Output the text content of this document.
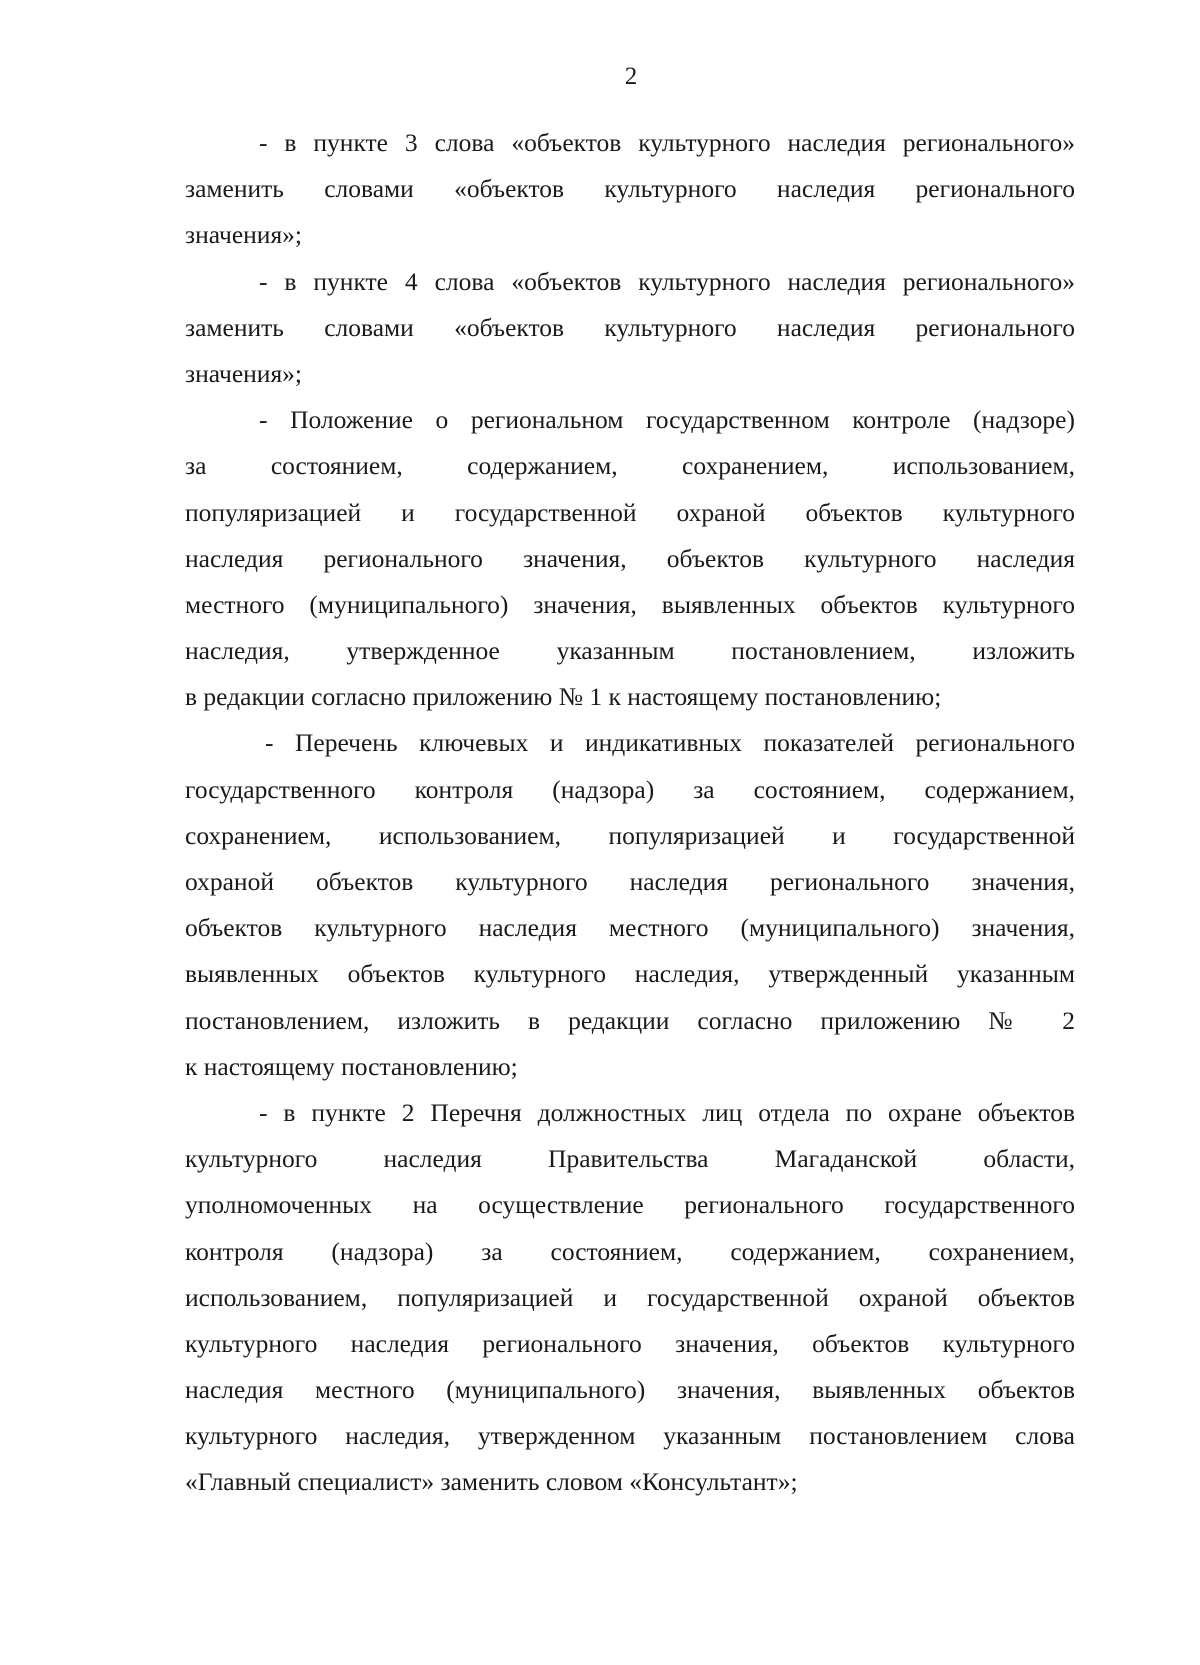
2
- в пункте 3 слова «объектов культурного наследия регионального»
заменить словами «объектов культурного наследия регионального
значения»;
- в пункте 4 слова «объектов культурного наследия регионального»
заменить словами «объектов культурного наследия регионального
значения»;
- Положение о региональном государственном контроле (надзоре)
за состоянием, содержанием, сохранением, использованием,
популяризацией и государственной охраной объектов культурного
наследия регионального значения, объектов культурного наследия
местного (муниципального) значения, выявленных объектов культурного
наследия, утвержденное указанным постановлением, изложить
в редакции согласно приложению № 1 к настоящему постановлению;
- Перечень ключевых и индикативных показателей регионального
государственного контроля (надзора) за состоянием, содержанием,
сохранением, использованием, популяризацией и государственной
охраной объектов культурного наследия регионального значения,
объектов культурного наследия местного (муниципального) значения,
выявленных объектов культурного наследия, утвержденный указанным
постановлением, изложить в редакции согласно приложению № 2
к настоящему постановлению;
- в пункте 2 Перечня должностных лиц отдела по охране объектов
культурного наследия Правительства Магаданской области,
уполномоченных на осуществление регионального государственного
контроля (надзора) за состоянием, содержанием, сохранением,
использованием, популяризацией и государственной охраной объектов
культурного наследия регионального значения, объектов культурного
наследия местного (муниципального) значения, выявленных объектов
культурного наследия, утвержденном указанным постановлением слова
«Главный специалист» заменить словом «Консультант»;
